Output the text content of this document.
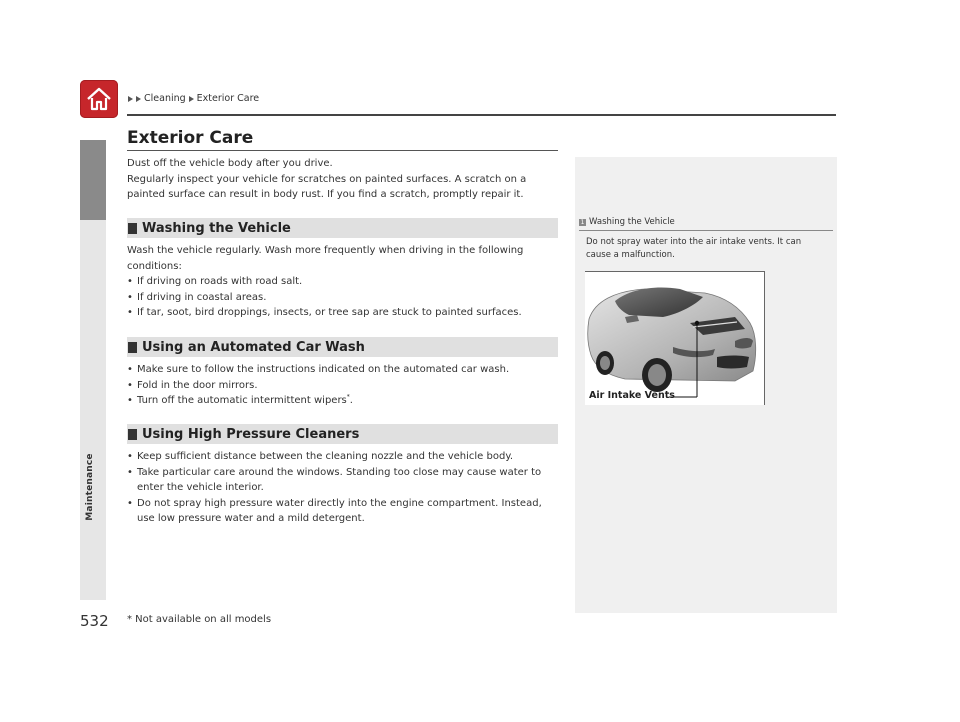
Cleaning Exterior Care
Maintenance
532
Exterior Care

Dust off the vehicle body after you drive.

Regularly inspect your vehicle for scratches on painted surfaces. A scratch on a painted surface can result in body rust. If you find a scratch, promptly repair it.

Washing the Vehicle

Wash the vehicle regularly. Wash more frequently when driving in the following conditions:

• If driving on roads with road salt.
• If driving in coastal areas.
• If tar, soot, bird droppings, insects, or tree sap are stuck to painted surfaces.
Using an Automated Car Wash
• Make sure to follow the instructions indicated on the automated car wash.
• Fold in the door mirrors.
• Turn off the automatic intermittent wipers*.
Using High Pressure Cleaners
• Keep sufficient distance between the cleaning nozzle and the vehicle body.
• Take particular care around the windows. Standing too close may cause water to enter the vehicle interior.
• Do not spray high pressure water directly into the engine compartment. Instead, use low pressure water and a mild detergent.
1 Washing the Vehicle

Do not spray water into the air intake vents. It can cause a malfunction.

Air Intake Vents
* Not available on all models
